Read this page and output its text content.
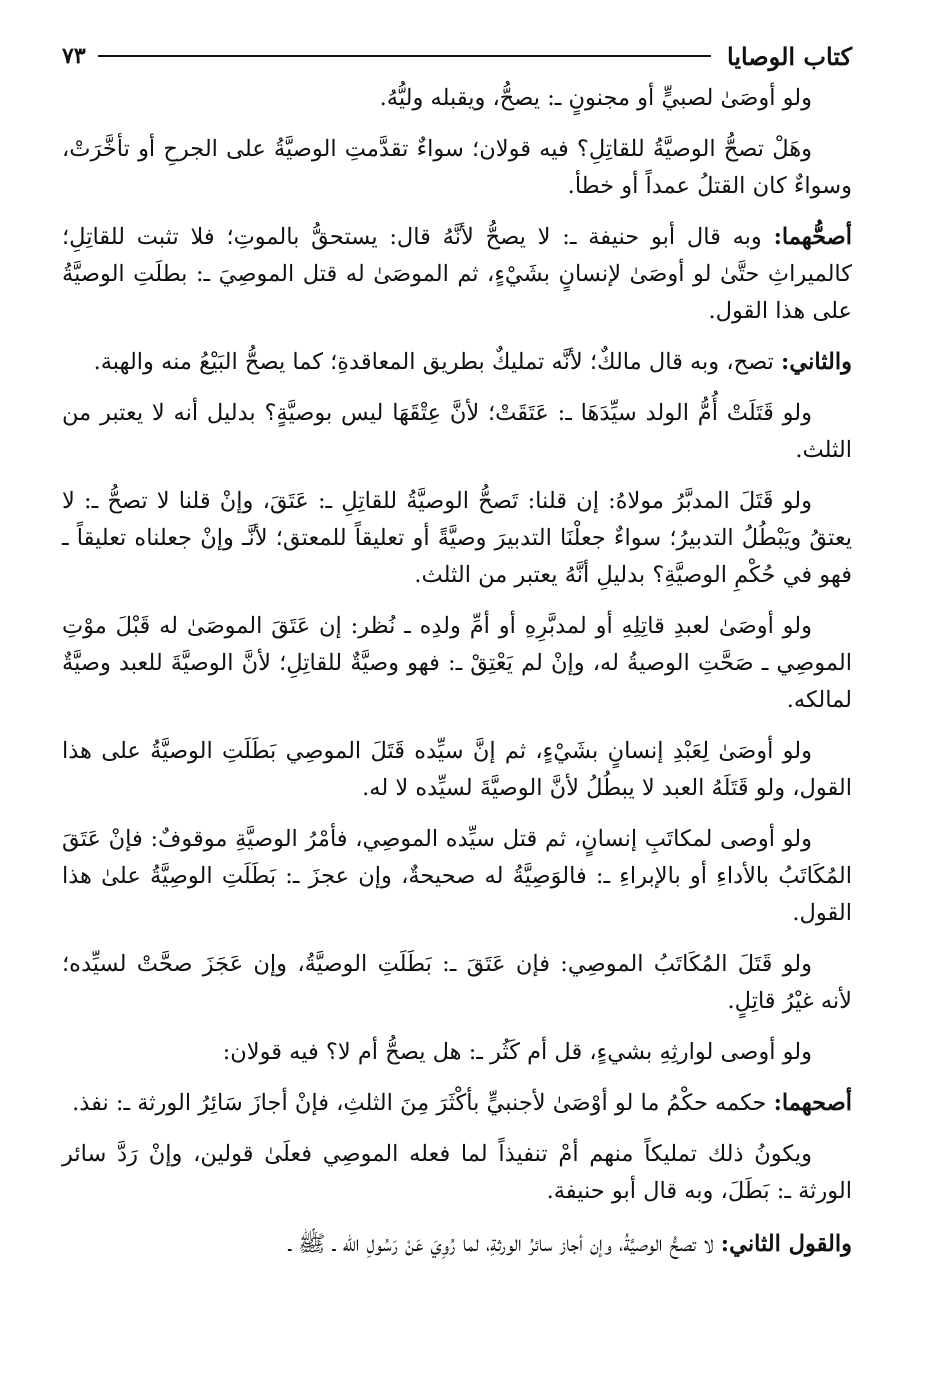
كتاب الوصايا
٧٣

ولو أوصَىٰ لصبيٍّ أو مجنونٍ ـ: يصحُّ، ويقبله وليُّهُ.

وهَلْ تصحُّ الوصيَّةُ للقاتِلِ؟ فيه قولان؛ سواءٌ تقدَّمتِ الوصيَّةُ على الجرحِ أو تأخَّرَتْ، وسواءٌ كان القتلُ عمداً أو خطأ.

أصحُّهما: وبه قال أبو حنيفة ـ: لا يصحُّ لأنَّهُ قال: يستحقُّ بالموتِ؛ فلا تثبت للقاتِلِ؛ كالميراثِ حتَّىٰ لو أوصَىٰ لإنسانٍ بشَيْءٍ، ثم الموصَىٰ له قتل الموصِيَ ـ: بطلَتِ الوصيَّةُ على هذا القول.

والثاني: تصح، وبه قال مالكٌ؛ لأنَّه تمليكٌ بطريق المعاقدةِ؛ كما يصحُّ البَيْعُ منه والهبة.

ولو قَتَلَتْ أُمُّ الولد سيِّدَهَا ـ: عَتَقَتْ؛ لأنَّ عِتْقَهَا ليس بوصيَّةٍ؟ بدليل أنه لا يعتبر من الثلث.

ولو قَتَلَ المدبَّرُ مولاهُ: إن قلنا: تَصحُّ الوصيَّةُ للقاتِلِ ـ: عَتَقَ، وإنْ قلنا لا تصحُّ ـ: لا يعتقُ ويَبْطُلُ التدبيرُ؛ سواءٌ جعلْنَا التدبيرَ وصيَّةً أو تعليقاً للمعتق؛ لأنَّـ وإنْ جعلناه تعليقاً ـ فهو في حُكْمِ الوصيَّةِ؟ بدليلِ أنَّهُ يعتبر من الثلث.

ولو أوصَىٰ لعبدِ قاتِلِهِ أو لمدبَّرِهِ أو أمِّ ولدِه ـ نُظر: إن عَتَقَ الموصَىٰ له قَبْلَ موْتِ الموصِي ـ صَحَّتِ الوصيةُ له، وإنْ لم يَعْتِقْ ـ: فهو وصيَّةٌ للقاتِلِ؛ لأنَّ الوصيَّةَ للعبد وصيَّةٌ لمالكه.

ولو أوصَىٰ لِعَبْدِ إنسانٍ بشَيْءٍ، ثم إنَّ سيِّده قَتَلَ الموصِي بَطَلَتِ الوصيَّةُ على هذا القول، ولو قَتَلَهُ العبد لا يبطُلُ لأنَّ الوصيَّةَ لسيِّده لا له.

ولو أوصى لمكاتَبِ إنسانٍ، ثم قتل سيِّده الموصِي، فأمْرُ الوصيَّةِ موقوفٌ: فإنْ عَتَقَ المُكَاتَبُ بالأداءِ أو بالإبراءِ ـ: فالوَصِيَّةُ له صحيحةٌ، وإن عجزَ ـ: بَطَلَتِ الوصِيَّةُ علىٰ هذا القول.

ولو قَتَلَ المُكَاتَبُ الموصِي: فإن عَتَقَ ـ: بَطَلَتِ الوصيَّةُ، وإن عَجَزَ صحَّتْ لسيِّده؛ لأنه غيْرُ قاتِلٍ.

ولو أوصى لوارثِهِ بشيءٍ، قل أم كَثُر ـ: هل يصحُّ أم لا؟ فيه قولان:

أصحهما: حكمه حكْمُ ما لو أوْصَىٰ لأجنبيٍّ بأكْثَرَ مِنَ الثلثِ، فإنْ أجازَ سَائِرُ الورثة ـ: نفذ.

ويكونُ ذلك تمليكاً منهم أمْ تنفيذاً لما فعله الموصِي فعلَىٰ قولين، وإنْ رَدَّ سائر الورثة ـ: بَطَلَ، وبه قال أبو حنيفة.

والقول الثاني: لا تصحُّ الوصيَّةُ، وإن أجاز سائرُ الورثةِ، لما رُوِيَ عَنْ رَسُولِ الله ـ ﷺ ـ
